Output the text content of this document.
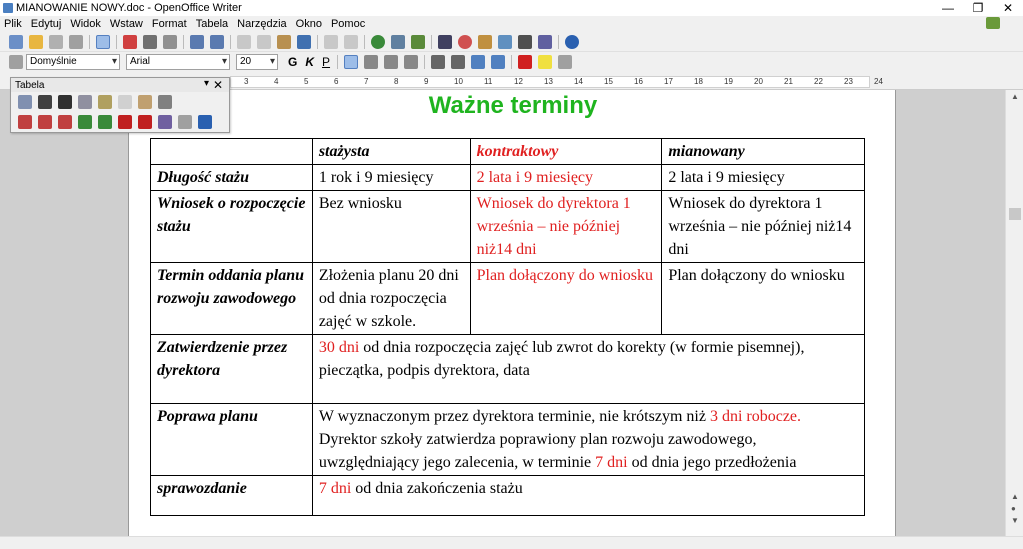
MIANOWANIE NOWY.doc - OpenOffice Writer	—	❐	✕
Plik Edytuj Widok Wstaw Format Tabela Narzędzia Okno Pomoc
Domyślnie ▾	Arial ▾	20 ▾	G K P
3	4	5	6	7	8	9	10	11	12	13	14	15	16	17	18	19	20	21	22	23	24
Ważne terminy
	stażysta	kontraktowy	mianowany
Długość stażu	1 rok i 9 miesięcy	2 lata i 9 miesięcy	2 lata i 9 miesięcy
Wniosek o rozpoczęcie stażu	Bez wniosku	Wniosek do dyrektora 1 września – nie później niż14 dni	Wniosek do dyrektora 1 września – nie później niż14 dni
Termin oddania planu rozwoju zawodowego	Złożenia planu 20 dni od dnia rozpoczęcia zajęć w szkole.	Plan dołączony do wniosku	Plan dołączony do wniosku
Zatwierdzenie przez dyrektora	30 dni od dnia rozpoczęcia zajęć lub zwrot do korekty (w formie pisemnej), pieczątka, podpis dyrektora, data		
Poprawa planu	W wyznaczonym przez dyrektora terminie, nie krótszym niż 3 dni robocze. Dyrektor szkoły zatwierdza poprawiony plan rozwoju zawodowego, uwzględniający jego zalecenia, w terminie 7 dni od dnia jego przedłożenia		
sprawozdanie	7 dni od dnia zakończenia stażu		
Tabela	▾ ✕
▲
▲
●
▼
